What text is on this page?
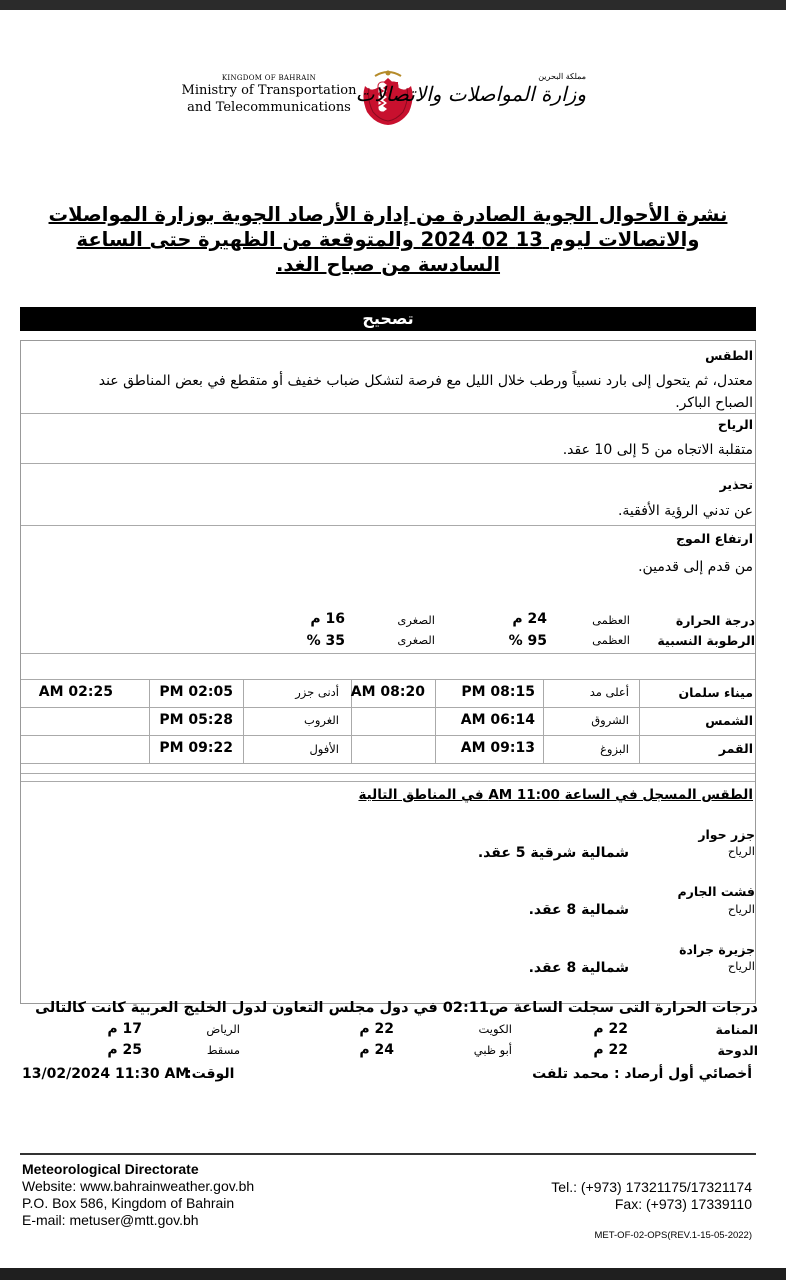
KINGDOM OF BAHRAIN
Ministry of Transportation
and Telecommunications
مملكة البحرين
وزارة المواصلات والاتصالات
نشرة الأحوال الجوية الصادرة من إدارة الأرصاد الجوية بوزارة المواصلات
والاتصالات ليوم 13 02 2024 والمتوقعة من الظهيرة حتى الساعة
السادسة من صباح الغد.
تصحيح
الطقس
معتدل، ثم يتحول إلى بارد نسبياً ورطب خلال الليل مع فرصة لتشكل ضباب خفيف أو متقطع في بعض المناطق عند
الصباح الباكر.
الرياح
متقلبة الاتجاه من 5 إلى 10 عقد.
تحذير
عن تدني الرؤية الأفقية.
ارتفاع الموج
من قدم إلى قدمين.
درجة الحرارة
العظمى
24 م
الصغرى
16 م
الرطوبة النسبية
العظمى
95 %
الصغرى
35 %
ميناء سلمان
أعلى مد
PM 08:15
AM 08:20
أدنى جزر
PM 02:05
AM 02:25
الشمس
الشروق
AM 06:14
الغروب
PM 05:28
القمر
البزوغ
AM 09:13
الأفول
PM 09:22
الطقس المسجل في الساعة AM 11:00 في المناطق التالية
جزر حوار
الرياح
شمالية شرقية 5 عقد.
فشت الجارم
الرياح
شمالية 8 عقد.
جزيرة جرادة
الرياح
شمالية 8 عقد.
درجات الحرارة التى سجلت الساعة ص02:11 في دول مجلس التعاون لدول الخليج العربية كانت كالتالى
المنامة
22 م
الكويت
22 م
الرياض
17 م
الدوحة
22 م
أبو ظبي
24 م
مسقط
25 م
أخصائي أول أرصاد : محمد تلفت
الوقت:
13/02/2024 11:30 AM
Meteorological Directorate
Website: www.bahrainweather.gov.bh
P.O. Box 586, Kingdom of Bahrain
E-mail: metuser@mtt.gov.bh
Tel.: (+973) 17321175/17321174
Fax: (+973) 17339110
MET-OF-02-OPS(REV.1-15-05-2022)
